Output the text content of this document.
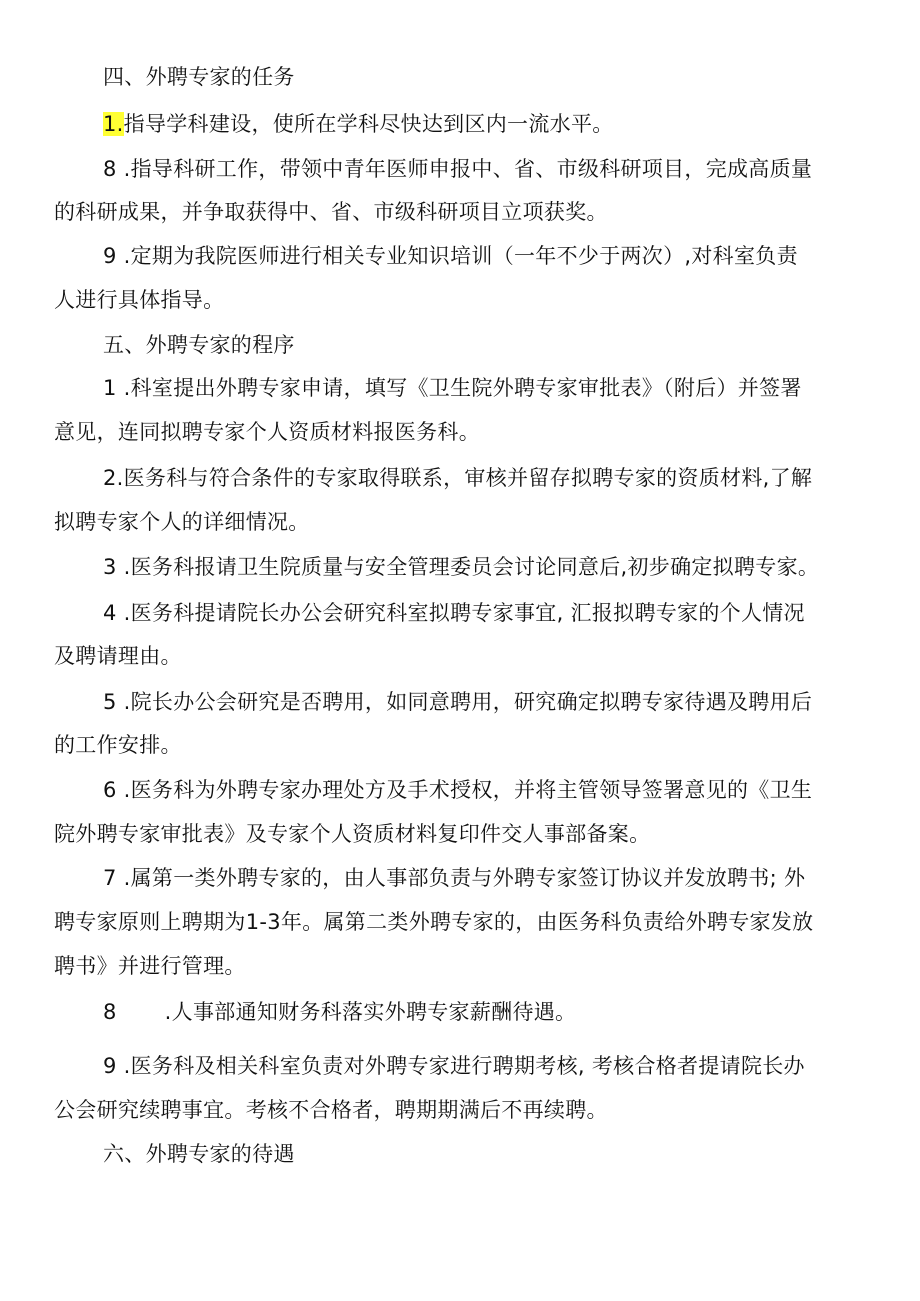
四、外聘专家的任务
1.指导学科建设，使所在学科尽快达到区内一流水平。
8 .指导科研工作，带领中青年医师申报中、省、市级科研项目，完成高质量
的科研成果，并争取获得中、省、市级科研项目立项获奖。
9 .定期为我院医师进行相关专业知识培训（一年不少于两次）,对科室负责
人进行具体指导。
五、外聘专家的程序
1 .科室提出外聘专家申请，填写《卫生院外聘专家审批表》（附后）并签署
意见，连同拟聘专家个人资质材料报医务科。
2.医务科与符合条件的专家取得联系，审核并留存拟聘专家的资质材料,了解
拟聘专家个人的详细情况。
3 .医务科报请卫生院质量与安全管理委员会讨论同意后,初步确定拟聘专家。
4 .医务科提请院长办公会研究科室拟聘专家事宜, 汇报拟聘专家的个人情况
及聘请理由。
5 .院长办公会研究是否聘用，如同意聘用，研究确定拟聘专家待遇及聘用后
的工作安排。
6 .医务科为外聘专家办理处方及手术授权，并将主管领导签署意见的《卫生
院外聘专家审批表》及专家个人资质材料复印件交人事部备案。
7 .属第一类外聘专家的，由人事部负责与外聘专家签订协议并发放聘书; 外
聘专家原则上聘期为1-3年。属第二类外聘专家的，由医务科负责给外聘专家发放
聘书》并进行管理。
8 .人事部通知财务科落实外聘专家薪酬待遇。
9 .医务科及相关科室负责对外聘专家进行聘期考核, 考核合格者提请院长办
公会研究续聘事宜。考核不合格者，聘期期满后不再续聘。
六、外聘专家的待遇
